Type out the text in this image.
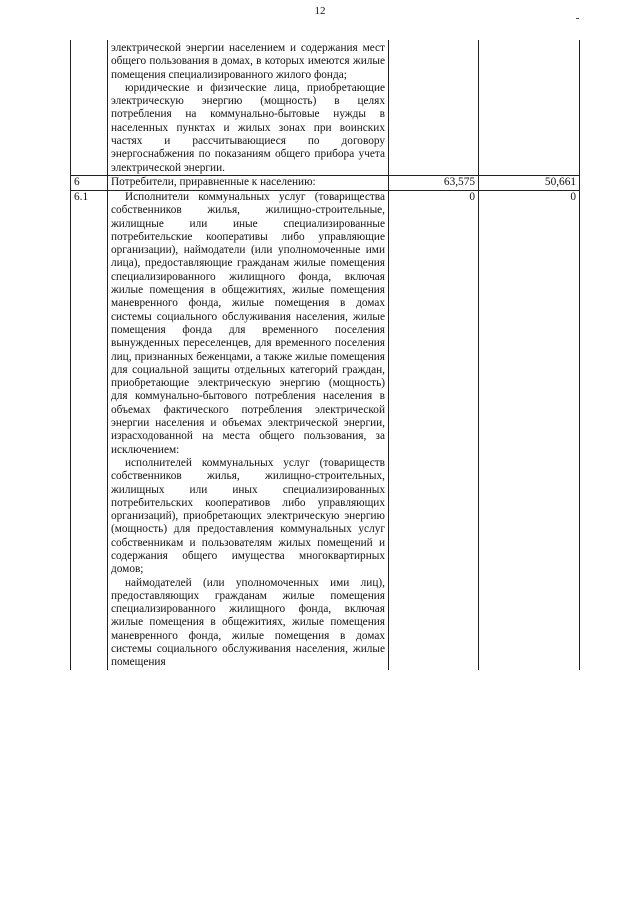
12

	электрической энергии населением и содержания мест общего пользования в домах, в которых имеются жилые помещения специализированного жилого фонда;

юридические и физические лица, приобретающие электрическую энергию (мощность) в целях потребления на коммунально-бытовые нужды в населенных пунктах и жилых зонах при воинских частях и рассчитывающиеся по договору энергоснабжения по показаниям общего прибора учета электрической энергии.		

6	Потребители, приравненные к населению:	63,575	50,661
6.1	Исполнители коммунальных услуг (товарищества собственников жилья, жилищно-строительные, жилищные или иные специализированные потребительские кооперативы либо управляющие организации), наймодатели (или уполномоченные ими лица), предоставляющие гражданам жилые помещения специализированного жилищного фонда, включая жилые помещения в общежитиях, жилые помещения маневренного фонда, жилые помещения в домах системы социального обслуживания населения, жилые помещения фонда для временного поселения вынужденных переселенцев, для временного поселения лиц, признанных беженцами, а также жилые помещения для социальной защиты отдельных категорий граждан, приобретающие электрическую энергию (мощность) для коммунально-бытового потребления населения в объемах фактического потребления электрической энергии населения и объемах электрической энергии, израсходованной на места общего пользования, за исключением:

исполнителей коммунальных услуг (товариществ собственников жилья, жилищно-строительных, жилищных или иных специализированных потребительских кооперативов либо управляющих организаций), приобретающих электрическую энергию (мощность) для предоставления коммунальных услуг собственникам и пользователям жилых помещений и содержания общего имущества многоквартирных домов;

наймодателей (или уполномоченных ими лиц), предоставляющих гражданам жилые помещения специализированного жилищного фонда, включая жилые помещения в общежитиях, жилые помещения маневренного фонда, жилые помещения в домах системы социального обслуживания населения, жилые помещения	0	0
